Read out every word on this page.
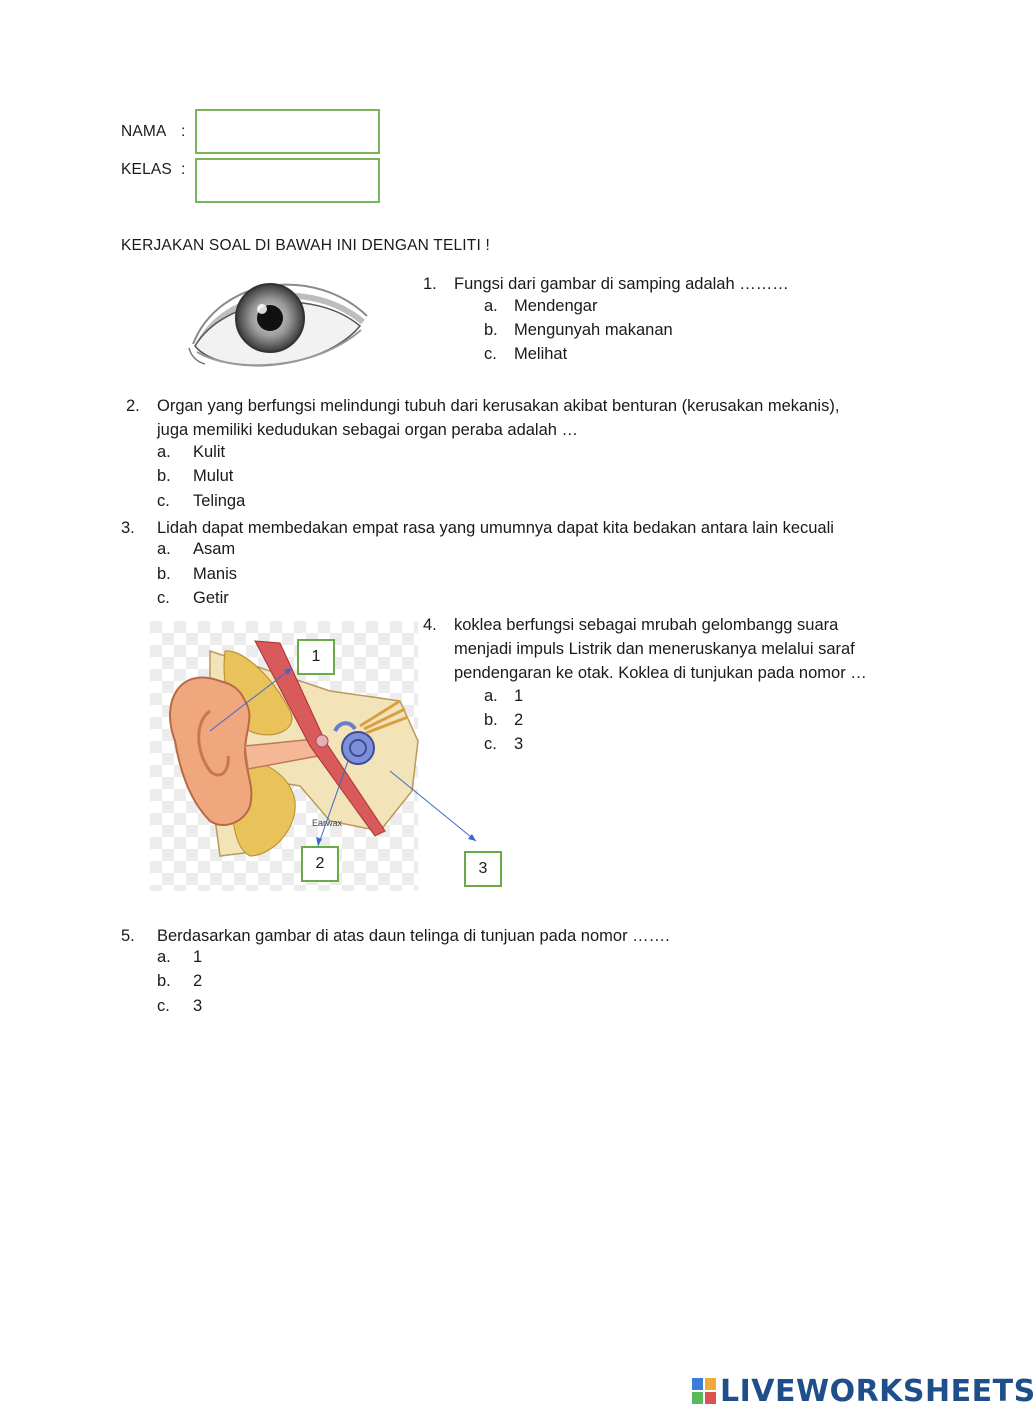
NAMA :
KELAS :
KERJAKAN SOAL DI BAWAH INI DENGAN TELITI !
1. Fungsi dari gambar di samping adalah ………
a. Mendengar
b. Mengunyah makanan
c. Melihat
2. Organ yang berfungsi melindungi tubuh dari kerusakan akibat benturan (kerusakan mekanis),
juga memiliki kedudukan sebagai organ peraba adalah …
a. Kulit
b. Mulut
c. Telinga
3. Lidah dapat membedakan empat rasa yang umumnya dapat kita bedakan antara lain kecuali
a. Asam
b. Manis
c. Getir
Earwax
1
2	3
4. koklea berfungsi sebagai mrubah gelombangg suara
menjadi impuls Listrik dan meneruskanya melalui saraf
pendengaran ke otak. Koklea di tunjukan pada nomor …
a. 1
b. 2
c. 3
5. Berdasarkan gambar di atas daun telinga di tunjuan pada nomor …….
a. 1
b. 2
c. 3
LIVEWORKSHEETS
